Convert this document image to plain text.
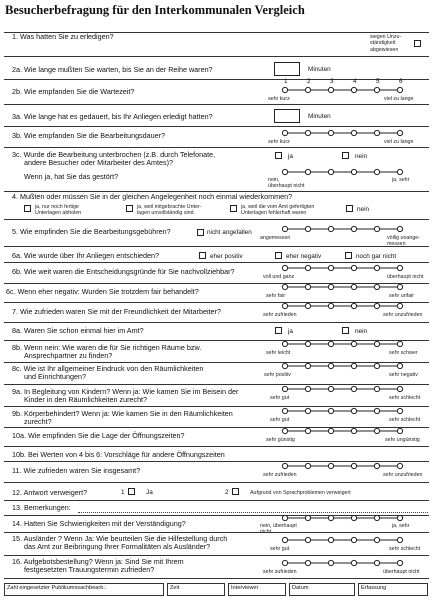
Besucherbefragung für den Interkommunalen Vergleich
1. Was hatten Sie zu erledigen?	wegen Unzu-
ständigkeit
abgewiesen
2a. Wie lange mußten Sie warten, bis Sie an der Reihe waren?	Minuten
2b. Wie empfanden Sie die Wartezeit?
1	2	3	4	5	6
sehr kurz	viel zu lange
3a. Wie lange hat es gedauert, bis Ihr Anliegen erledigt hatten?	Minuten
3b. Wie empfanden Sie die Bearbeitungsdauer?
sehr kurz	viel zu lange
3c. Wurde die Bearbeitung unterbrochen (z.B. durch Telefonate,
andere Besucher oder Mitarbeiter des Amtes)?
ja	nein
Wenn ja, hat Sie das gestört?	nein,
überhaupt nicht
ja, sehr
4. Mußten oder müssen Sie in der gleichen Angelegenheit noch einmal wiederkommen?
ja, nur noch fertige
Unterlagen abholen
ja, weil mitgebrachte Unter-
lagen unvollständig sind
ja, weil die vom Amt gefertigten
Unterlagen fehlerhaft waren	nein
5. Wie empfinden Sie die Bearbeitungsgebühren?	nicht angefallen
angemessen	völlig unange-
messen
6a. Wie wurde über Ihr Anliegen entschieden?	eher positiv	eher negativ	noch gar nicht
6b. Wie weit waren die Entscheidungsgründe für Sie nachvollziehbar?
voll und ganz	überhaupt nicht
6c. Wenn eher negativ: Wurden Sie trotzdem fair behandelt?	sehr fair	sehr unfair
7. Wie zufrieden waren Sie mit der Freundlichkeit der Mitarbeiter?	sehr zufrieden	sehr unzufrieden
8a. Waren Sie schon einmal hier im Amt?	ja	nein
8b. Wenn nein: Wie waren die für Sie richtigen Räume bzw.
Ansprechpartner zu finden?	sehr leicht	sehr schwer
8c. Wie ist Ihr allgemeiner Eindruck von den Räumlichkeiten
und Einrichtungen?	sehr positiv	sehr negativ
9a. In Begleitung von Kindern? Wenn ja: Wie kamen Sie im Beisein der
Kinder in den Räumlichkeiten zurecht?	sehr gut	sehr schlecht
9b. Körperbehindert? Wenn ja: Wie kamen Sie in den Räumlichkeiten
zurecht?	sehr gut	sehr schlecht
10a. Wie empfinden Sie die Lage der Öffnungszeiten?	sehr günstig	sehr ungünstig
10b. Bei Werten von 4 bis 6: Vorschläge für andere Öffnungszeiten
11. Wie zufrieden waren Sie insgesamt?	sehr zufrieden	sehr unzufrieden
12. Antwort verweigert?	1	Ja	2	Aufgrund von Sprachproblemen verweigert
13. Bemerkungen:
14. Hatten Sie Schwierigkeiten mit der Verständigung?	nein, überhaupt
nicht
ja, sehr
15. Ausländer ? Wenn Ja: Wie beurteilen Sie die Hilfestellung durch
das Amt zur Beibringung Ihrer Formalitäten als Ausländer?	sehr gut	sehr schlecht
16. Aufgebotsbestellung? Wenn ja: Sind Sie mit Ihrem
festgesetzten Trauungstermin zufrieden?	sehr zufrieden	überhaupt nicht
Zahl eingesetzter Publikumssachbearb.:	Zeit	Interviewer	Datum	Erfassung
